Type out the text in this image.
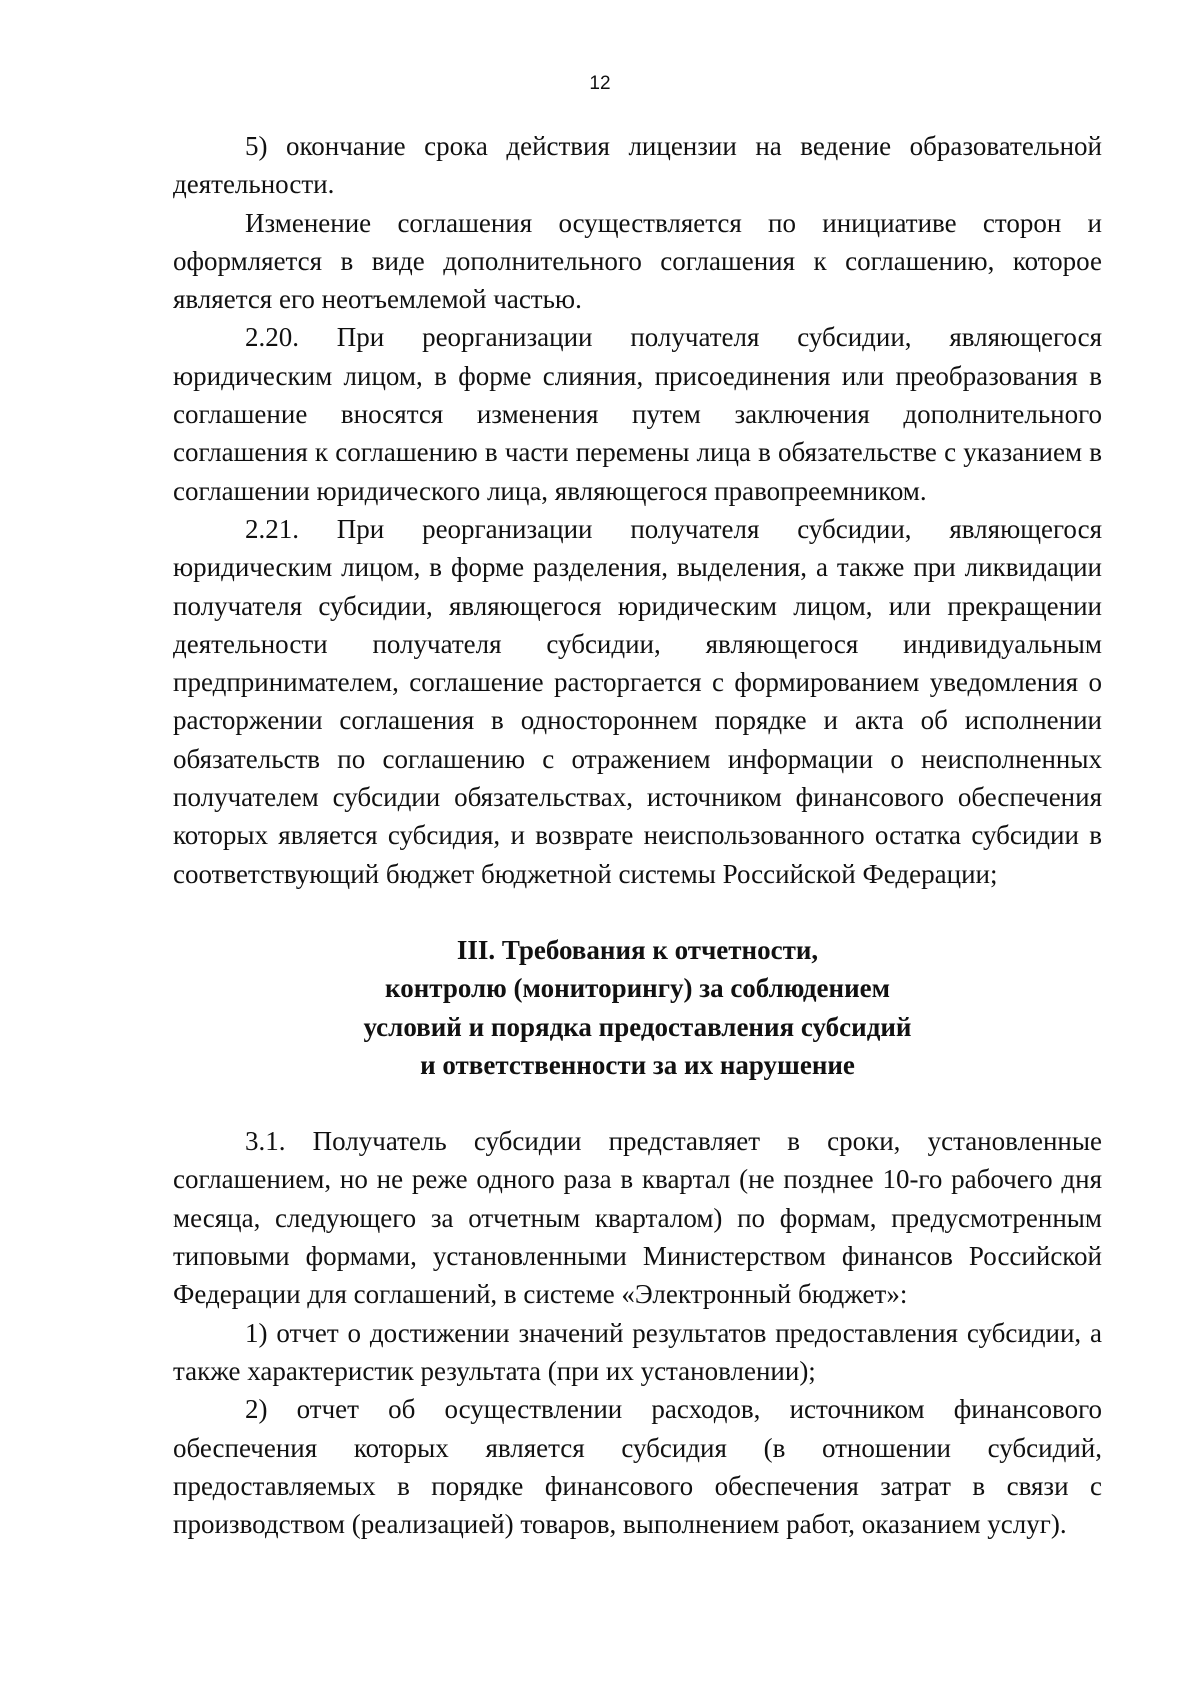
12

5) окончание срока действия лицензии на ведение образовательной деятельности.

Изменение соглашения осуществляется по инициативе сторон и оформляется в виде дополнительного соглашения к соглашению, которое является его неотъемлемой частью.

2.20. При реорганизации получателя субсидии, являющегося юридическим лицом, в форме слияния, присоединения или преобразования в соглашение вносятся изменения путем заключения дополнительного соглашения к соглашению в части перемены лица в обязательстве с указанием в соглашении юридического лица, являющегося правопреемником.

2.21. При реорганизации получателя субсидии, являющегося юридическим лицом, в форме разделения, выделения, а также при ликвидации получателя субсидии, являющегося юридическим лицом, или прекращении деятельности получателя субсидии, являющегося индивидуальным предпринимателем, соглашение расторгается с формированием уведомления о расторжении соглашения в одностороннем порядке и акта об исполнении обязательств по соглашению с отражением информации о неисполненных получателем субсидии обязательствах, источником финансового обеспечения которых является субсидия, и возврате неиспользованного остатка субсидии в соответствующий бюджет бюджетной системы Российской Федерации;

III. Требования к отчетности,
контролю (мониторингу) за соблюдением
условий и порядка предоставления субсидий
и ответственности за их нарушение

3.1. Получатель субсидии представляет в сроки, установленные соглашением, но не реже одного раза в квартал (не позднее 10-го рабочего дня месяца, следующего за отчетным кварталом) по формам, предусмотренным типовыми формами, установленными Министерством финансов Российской Федерации для соглашений, в системе «Электронный бюджет»:

1) отчет о достижении значений результатов предоставления субсидии, а также характеристик результата (при их установлении);

2) отчет об осуществлении расходов, источником финансового обеспечения которых является субсидия (в отношении субсидий, предоставляемых в порядке финансового обеспечения затрат в связи с производством (реализацией) товаров, выполнением работ, оказанием услуг).
